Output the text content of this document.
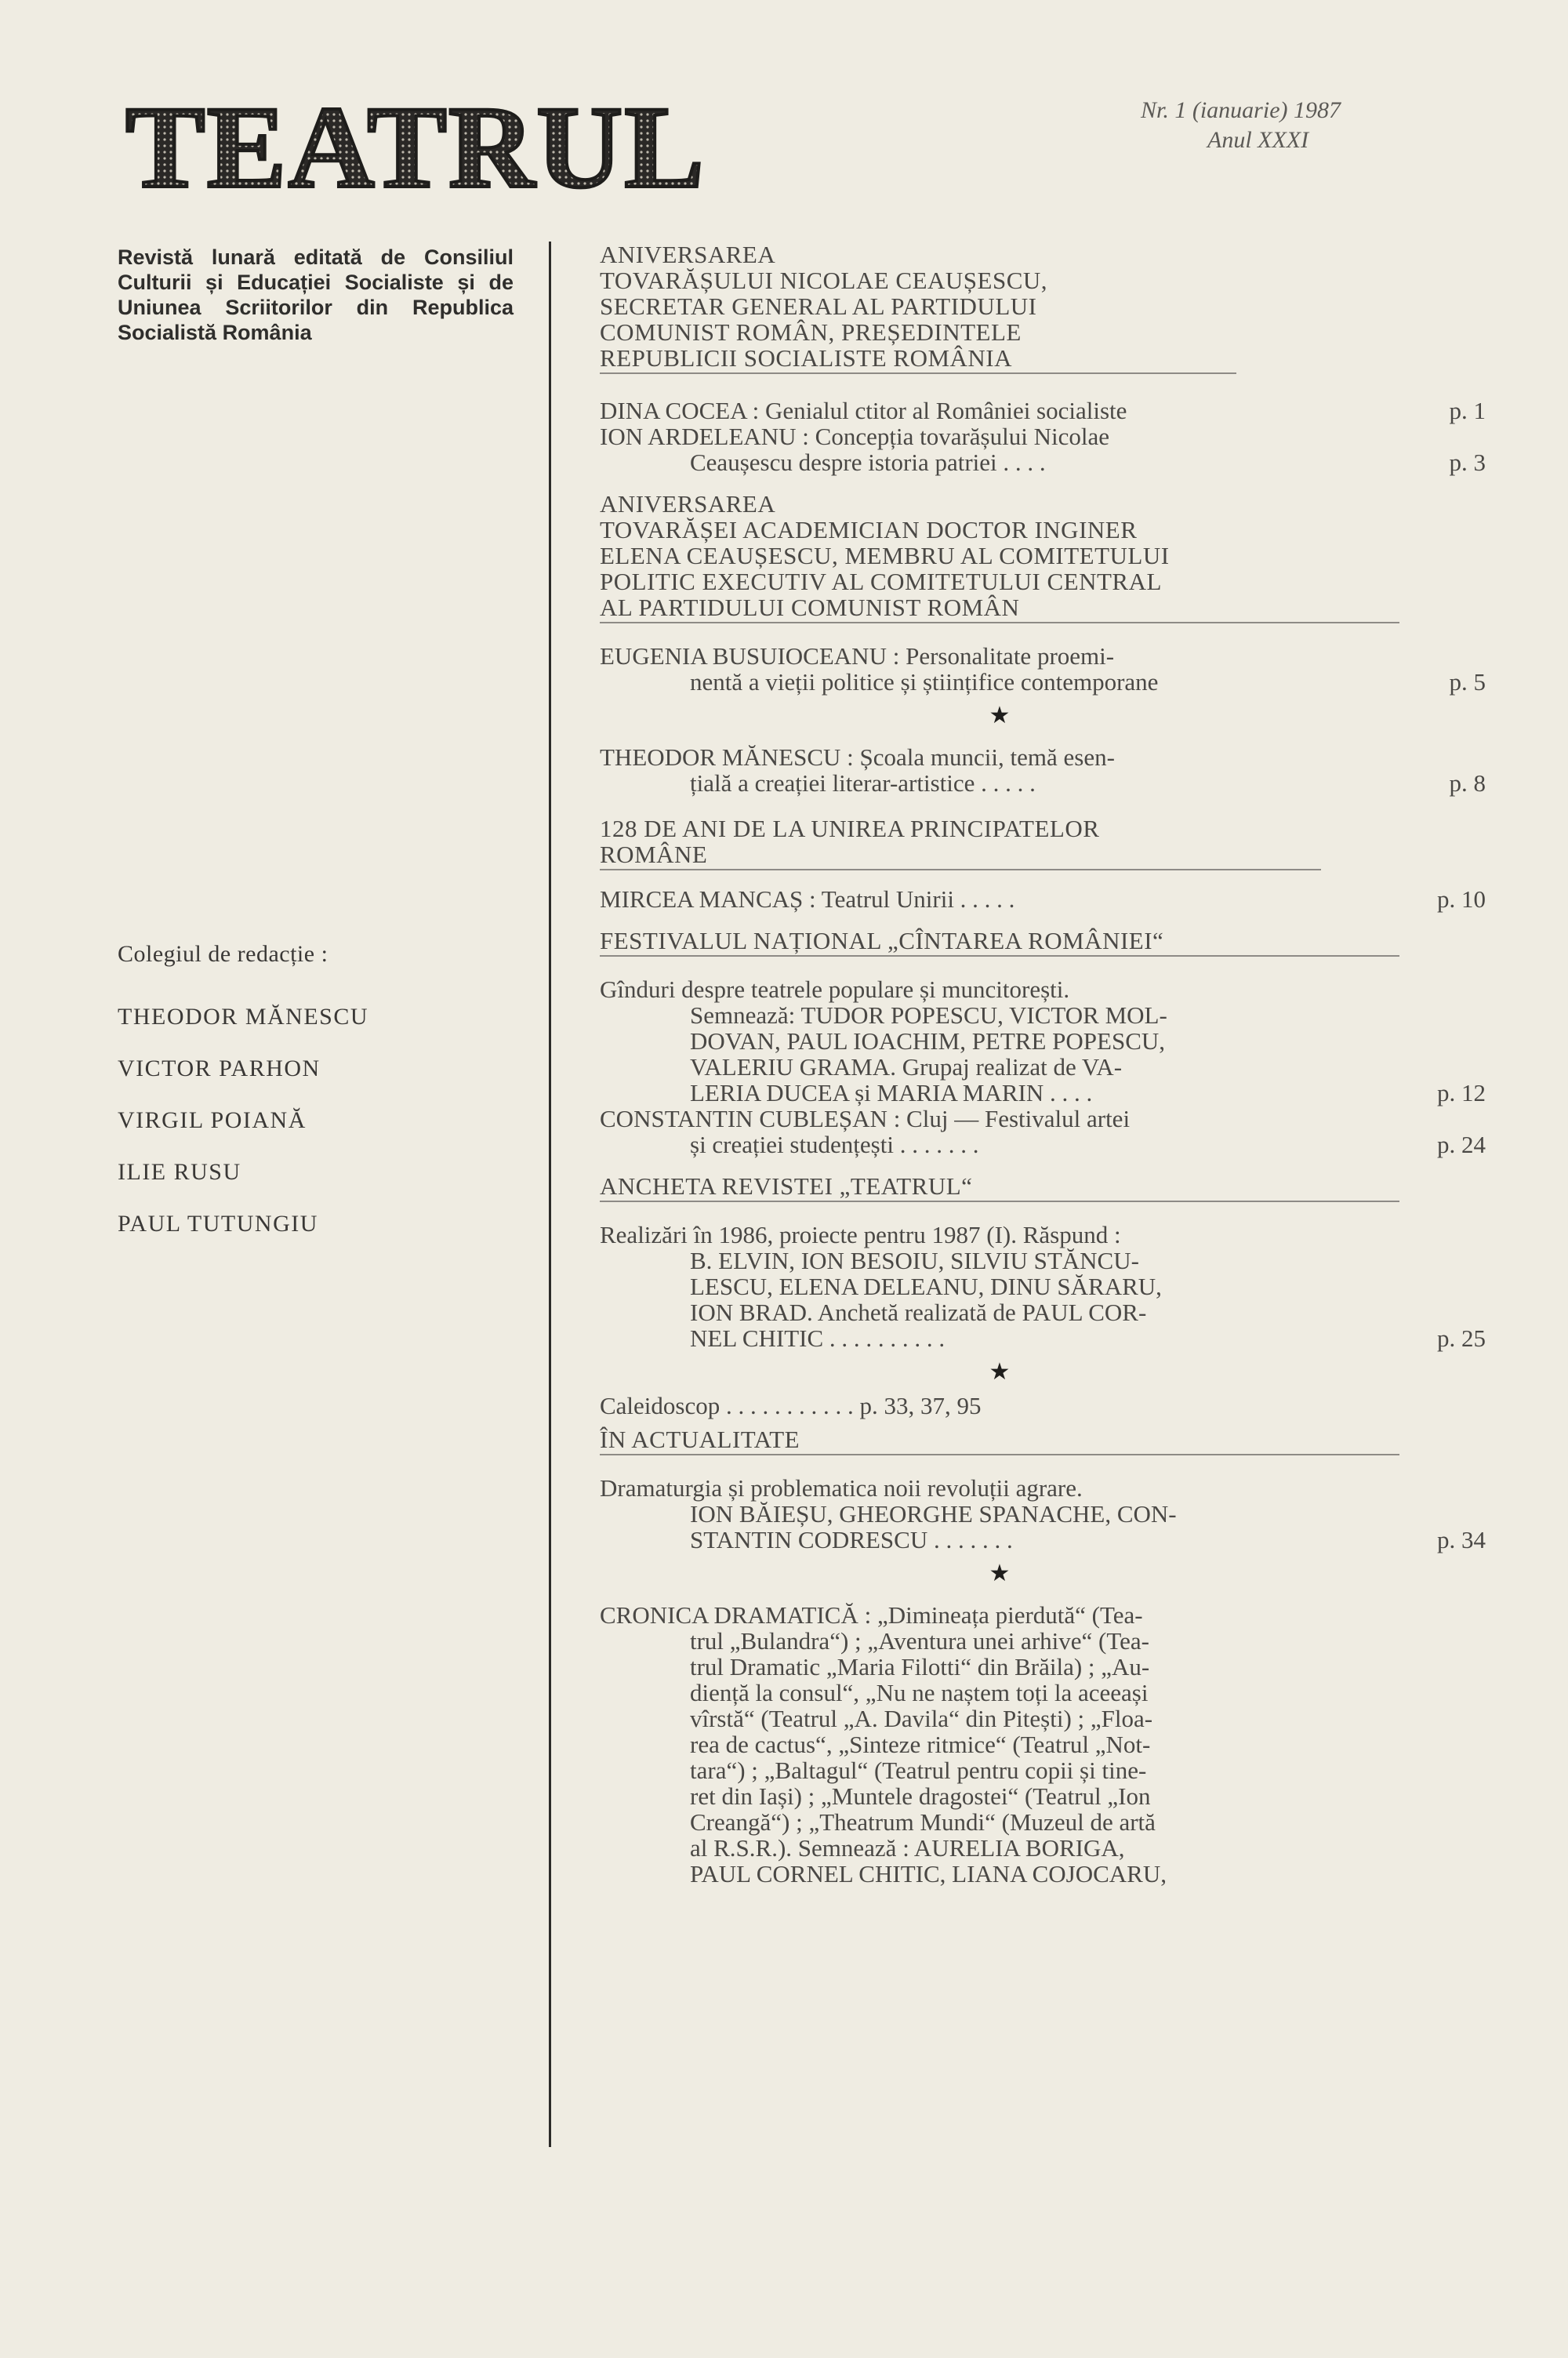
TEATRUL	Nr. 1 (ianuarie) 1987
Anul XXXI
Revistă lunară editată de Consiliul Culturii și Educației Socialiste și de Uniunea Scriitorilor din Republica Socialistă România
Colegiul de redacție :
THEODOR MĂNESCU
VICTOR PARHON
VIRGIL POIANĂ
ILIE RUSU
PAUL TUTUNGIU
ANIVERSAREA
TOVARĂȘULUI NICOLAE CEAUȘESCU,
SECRETAR GENERAL AL PARTIDULUI
COMUNIST ROMÂN, PREȘEDINTELE
REPUBLICII SOCIALISTE ROMÂNIA
DINA COCEA : Genialul ctitor al României socialiste	p. 1
ION ARDELEANU : Concepția tovarășului Nicolae
Ceaușescu despre istoria patriei . . . .	p. 3
ANIVERSAREA
TOVARĂȘEI ACADEMICIAN DOCTOR INGINER
ELENA CEAUȘESCU, MEMBRU AL COMITETULUI
POLITIC EXECUTIV AL COMITETULUI CENTRAL
AL PARTIDULUI COMUNIST ROMÂN
EUGENIA BUSUIOCEANU : Personalitate proemi-
nentă a vieții politice și științifice contemporane	p. 5
★
THEODOR MĂNESCU : Școala muncii, temă esen-
țială a creației literar-artistice . . . . .	p. 8
128 DE ANI DE LA UNIREA PRINCIPATELOR
ROMÂNE
MIRCEA MANCAȘ : Teatrul Unirii . . . . .	p. 10
FESTIVALUL NAȚIONAL „CÎNTAREA ROMÂNIEI“
Gînduri despre teatrele populare și muncitorești.
Semnează: TUDOR POPESCU, VICTOR MOL-
DOVAN, PAUL IOACHIM, PETRE POPESCU,
VALERIU GRAMA. Grupaj realizat de VA-
LERIA DUCEA și MARIA MARIN . . . .	p. 12
CONSTANTIN CUBLEȘAN : Cluj — Festivalul artei
și creației studențești . . . . . . .	p. 24
ANCHETA REVISTEI „TEATRUL“
Realizări în 1986, proiecte pentru 1987 (I). Răspund :
B. ELVIN, ION BESOIU, SILVIU STĂNCU-
LESCU, ELENA DELEANU, DINU SĂRARU,
ION BRAD. Anchetă realizată de PAUL COR-
NEL CHITIC . . . . . . . . . .	p. 25
★
Caleidoscop . . . . . . . . . . . p. 33, 37, 95
ÎN ACTUALITATE
Dramaturgia și problematica noii revoluții agrare.
ION BĂIEȘU, GHEORGHE SPANACHE, CON-
STANTIN CODRESCU . . . . . . .	p. 34
★
CRONICA DRAMATICĂ : „Dimineața pierdută“ (Tea-
trul „Bulandra“) ; „Aventura unei arhive“ (Tea-
trul Dramatic „Maria Filotti“ din Brăila) ; „Au-
diență la consul“, „Nu ne naștem toți la aceeași
vîrstă“ (Teatrul „A. Davila“ din Pitești) ; „Floa-
rea de cactus“, „Sinteze ritmice“ (Teatrul „Not-
tara“) ; „Baltagul“ (Teatrul pentru copii și tine-
ret din Iași) ; „Muntele dragostei“ (Teatrul „Ion
Creangă“) ; „Theatrum Mundi“ (Muzeul de artă
al R.S.R.). Semnează : AURELIA BORIGA,
PAUL CORNEL CHITIC, LIANA COJOCARU,
